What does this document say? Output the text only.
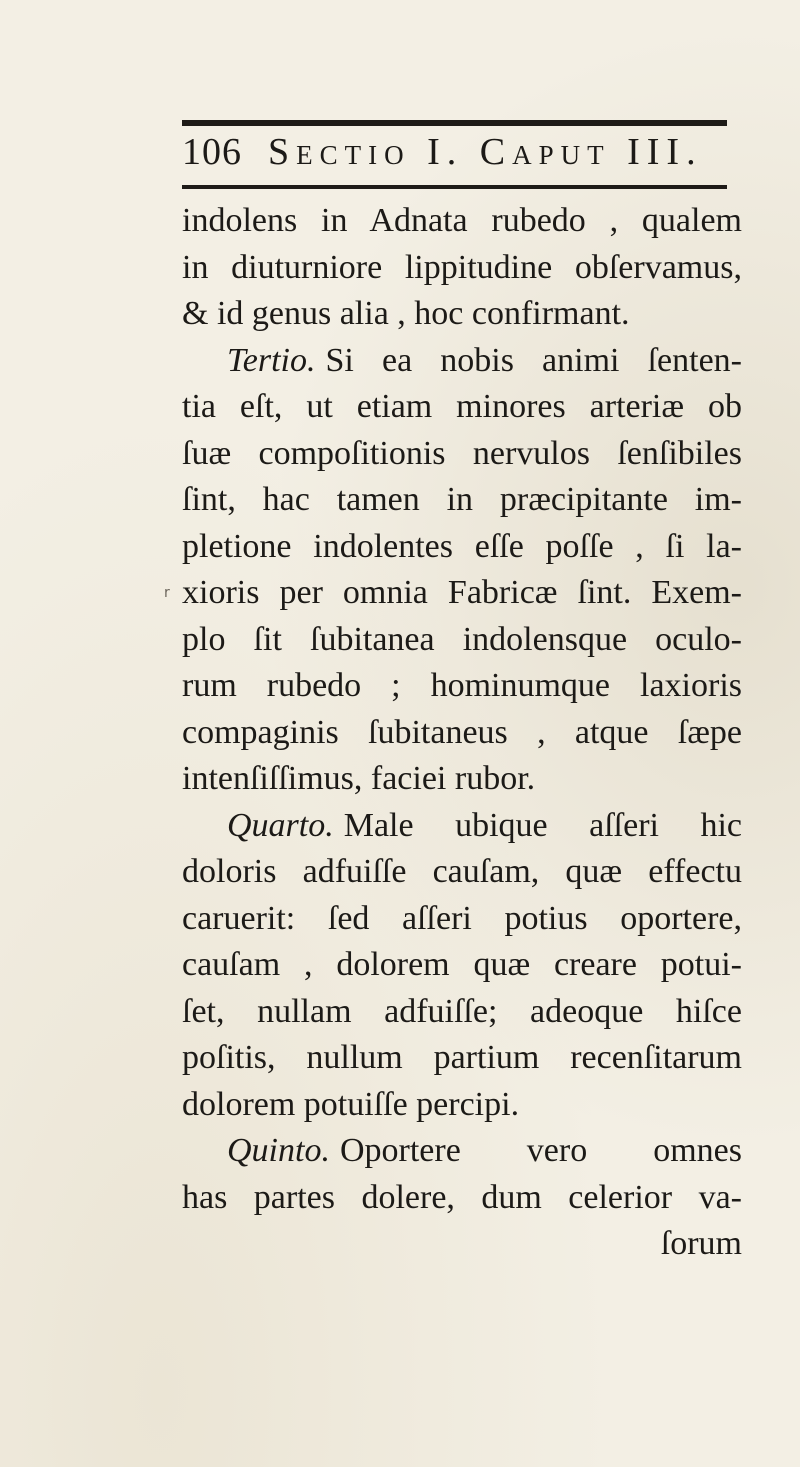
106 Sectio I. Caput III.
r
indolens in Adnata rubedo , qualem
in diuturniore lippitudine obſervamus,
& id genus alia , hoc confirmant.
Tertio. Si ea nobis animi ſenten-
tia eſt, ut etiam minores arteriæ ob
ſuæ compoſitionis nervulos ſenſibiles
ſint, hac tamen in præcipitante im-
pletione indolentes eſſe poſſe , ſi la-
xioris per omnia Fabricæ ſint. Exem-
plo ſit ſubitanea indolensque oculo-
rum rubedo ; hominumque laxioris
compaginis ſubitaneus , atque ſæpe
intenſiſſimus, faciei rubor.
Quarto. Male ubique aſſeri hic
doloris adfuiſſe cauſam, quæ effectu
caruerit: ſed aſſeri potius oportere,
cauſam , dolorem quæ creare potui-
ſet, nullam adfuiſſe; adeoque hiſce
poſitis, nullum partium recenſitarum
dolorem potuiſſe percipi.
Quinto. Oportere vero omnes
has partes dolere, dum celerior va-
ſorum
